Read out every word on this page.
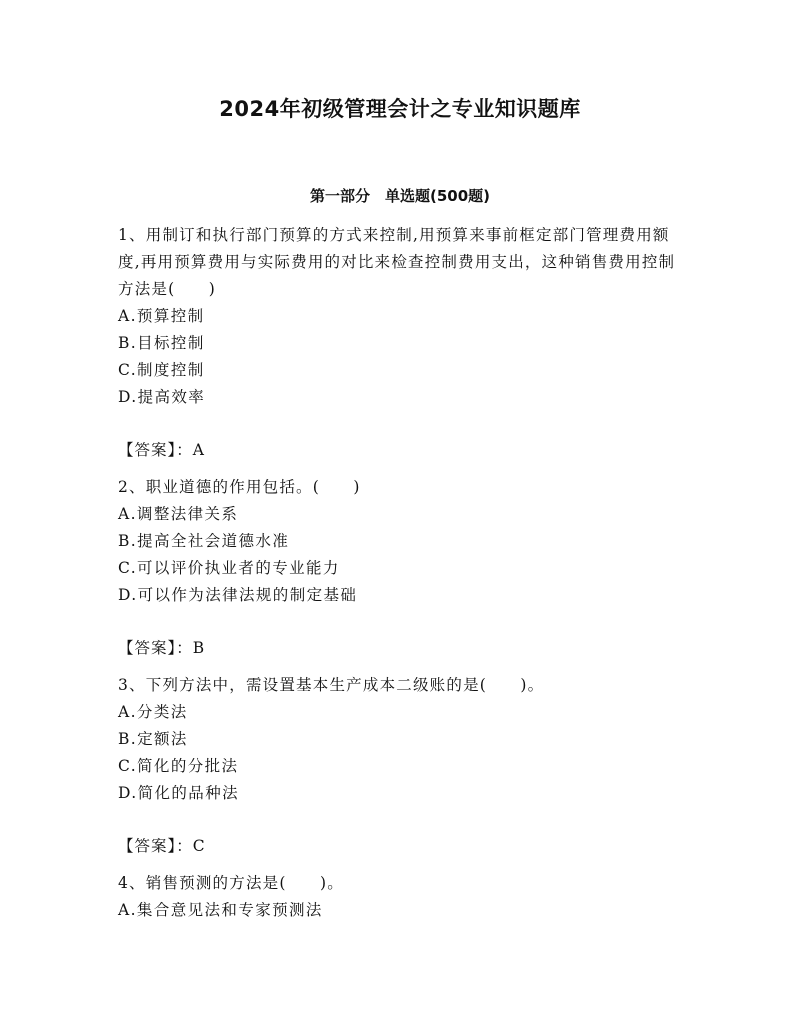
2024年初级管理会计之专业知识题库
第一部分　单选题(500题)

1、用制订和执行部门预算的方式来控制,用预算来事前框定部门管理费用额度,再用预算费用与实际费用的对比来检查控制费用支出，这种销售费用控制方法是(　　)

A.预算控制

B.目标控制

C.制度控制

D.提高效率

【答案】：A

2、职业道德的作用包括。(　　)

A.调整法律关系

B.提高全社会道德水准

C.可以评价执业者的专业能力

D.可以作为法律法规的制定基础

【答案】：B

3、下列方法中，需设置基本生产成本二级账的是(　　)。

A.分类法

B.定额法

C.简化的分批法

D.简化的品种法

【答案】：C

4、销售预测的方法是(　　)。

A.集合意见法和专家预测法
